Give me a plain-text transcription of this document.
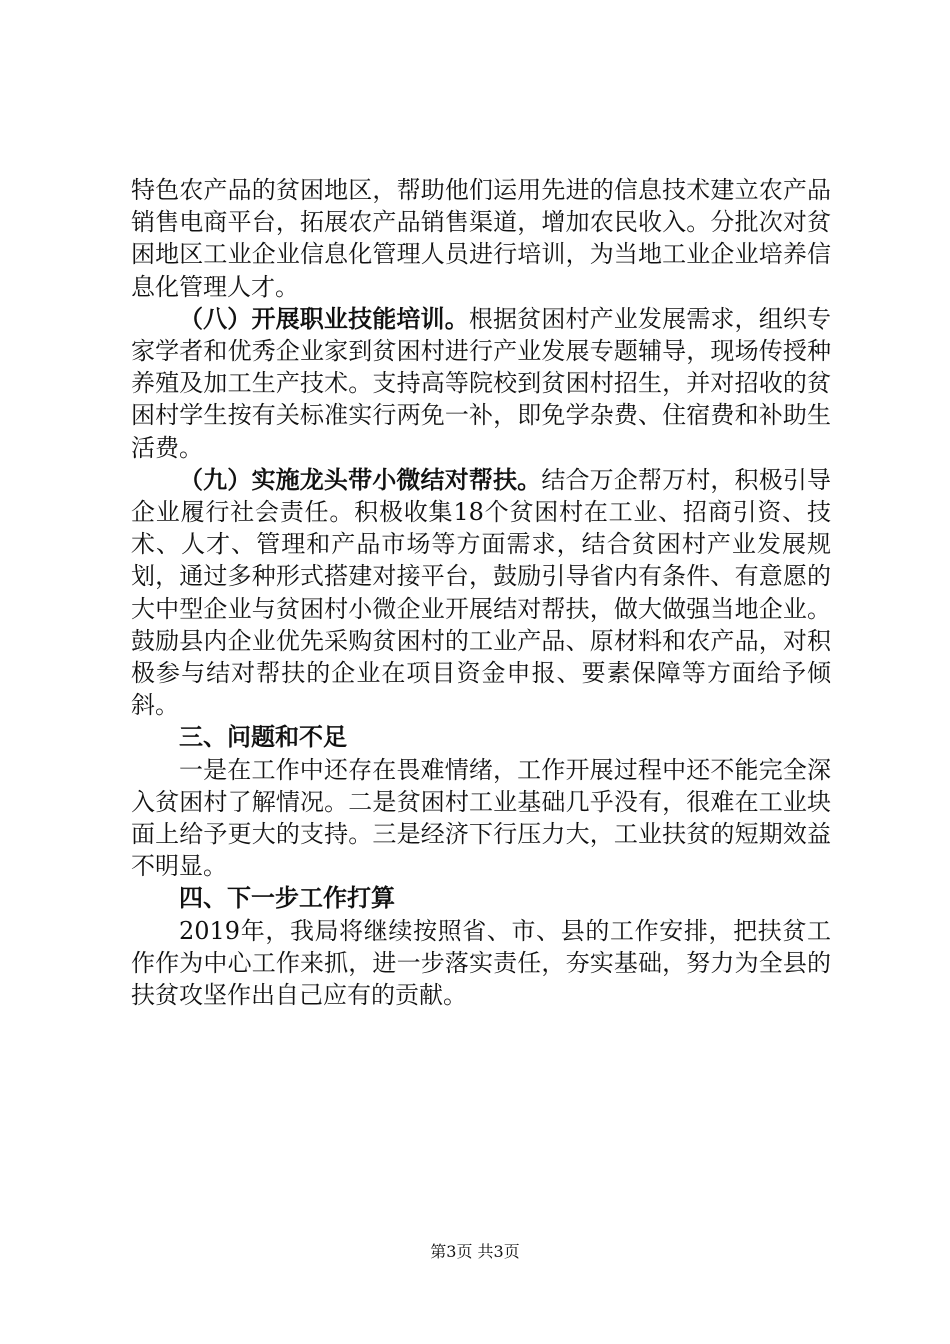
特色农产品的贫困地区，帮助他们运用先进的信息技术建立农产品销售电商平台，拓展农产品销售渠道，增加农民收入。分批次对贫困地区工业企业信息化管理人员进行培训，为当地工业企业培养信息化管理人才。

（八）开展职业技能培训。根据贫困村产业发展需求，组织专家学者和优秀企业家到贫困村进行产业发展专题辅导，现场传授种养殖及加工生产技术。支持高等院校到贫困村招生，并对招收的贫困村学生按有关标准实行两免一补，即免学杂费、住宿费和补助生活费。

（九）实施龙头带小微结对帮扶。结合万企帮万村，积极引导企业履行社会责任。积极收集18个贫困村在工业、招商引资、技术、人才、管理和产品市场等方面需求，结合贫困村产业发展规划，通过多种形式搭建对接平台，鼓励引导省内有条件、有意愿的大中型企业与贫困村小微企业开展结对帮扶，做大做强当地企业。鼓励县内企业优先采购贫困村的工业产品、原材料和农产品，对积极参与结对帮扶的企业在项目资金申报、要素保障等方面给予倾斜。

三、问题和不足

一是在工作中还存在畏难情绪，工作开展过程中还不能完全深入贫困村了解情况。二是贫困村工业基础几乎没有，很难在工业块面上给予更大的支持。三是经济下行压力大，工业扶贫的短期效益不明显。

四、下一步工作打算

2019年，我局将继续按照省、市、县的工作安排，把扶贫工作作为中心工作来抓，进一步落实责任，夯实基础，努力为全县的扶贫攻坚作出自己应有的贡献。

第3页 共3页
